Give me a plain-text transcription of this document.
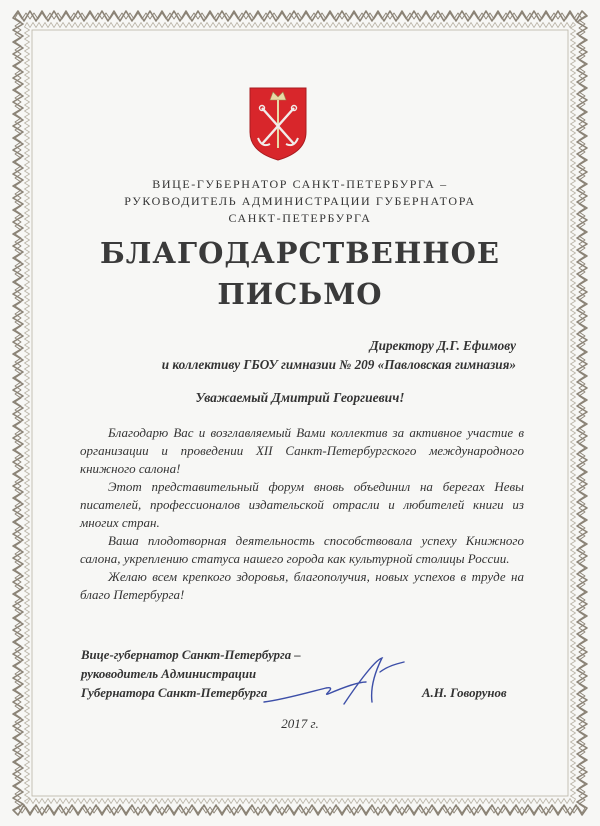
ВИЦЕ-ГУБЕРНАТОР САНКТ-ПЕТЕРБУРГА –
РУКОВОДИТЕЛЬ АДМИНИСТРАЦИИ ГУБЕРНАТОРА
САНКТ-ПЕТЕРБУРГА
БЛАГОДАРСТВЕННОЕ
ПИСЬМО
Директору Д.Г. Ефимову
и коллективу ГБОУ гимназии № 209 «Павловская гимназия»
Уважаемый Дмитрий Георгиевич!

Благодарю Вас и возглавляемый Вами коллектив за активное участие в организации и проведении XII Санкт-Петербургского международного книжного салона!

Этот представительный форум вновь объединил на берегах Невы писателей, профессионалов издательской отрасли и любителей книги из многих стран.

Ваша плодотворная деятельность способствовала успеху Книжного салона, укреплению статуса нашего города как культурной столицы России.

Желаю всем крепкого здоровья, благополучия, новых успехов в труде на благо Петербурга!

Вице-губернатор Санкт-Петербурга –
руководитель Администрации
Губернатора Санкт-Петербурга	А.Н. Говорунов
2017 г.
